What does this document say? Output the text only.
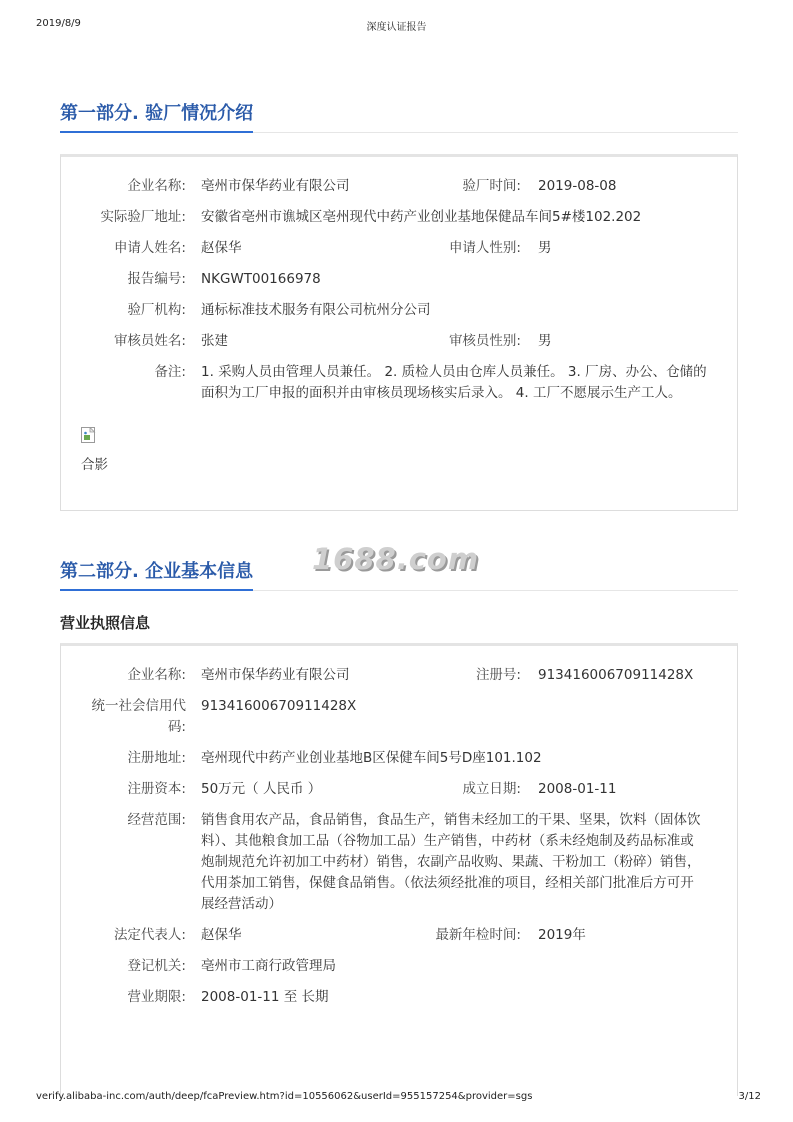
2019/8/9	深度认证报告
第一部分. 验厂情况介绍
企业名称: 亳州市保华药业有限公司	验厂时间: 2019-08-08
实际验厂地址: 安徽省亳州市谯城区亳州现代中药产业创业基地保健品车间5#楼102.202
申请人姓名: 赵保华	申请人性别: 男
报告编号: NKGWT00166978
验厂机构: 通标标准技术服务有限公司杭州分公司
审核员姓名: 张建	审核员性别: 男
备注: 1. 采购人员由管理人员兼任。 2. 质检人员由仓库人员兼任。 3. 厂房、办公、仓储的
面积为工厂申报的面积并由审核员现场核实后录入。 4. 工厂不愿展示生产工人。
合影
第二部分. 企业基本信息 1688.com
营业执照信息
企业名称: 亳州市保华药业有限公司	注册号: 91341600670911428X
统一社会信用代
码:
91341600670911428X
注册地址: 亳州现代中药产业创业基地B区保健车间5号D座101.102
注册资本: 50万元（ 人民币 ）	成立日期: 2008-01-11
经营范围: 销售食用农产品，食品销售，食品生产，销售未经加工的干果、坚果，饮料（固体饮
料）、其他粮食加工品（谷物加工品）生产销售，中药材（系未经炮制及药品标准或
炮制规范允许初加工中药材）销售，农副产品收购、果蔬、干粉加工（粉碎）销售，
代用茶加工销售，保健食品销售。（依法须经批准的项目，经相关部门批准后方可开
展经营活动）
法定代表人: 赵保华	最新年检时间: 2019年
登记机关: 亳州市工商行政管理局
营业期限: 2008-01-11 至 长期
verify.alibaba-inc.com/auth/deep/fcaPreview.htm?id=10556062&userId=955157254&provider=sgs	3/12
